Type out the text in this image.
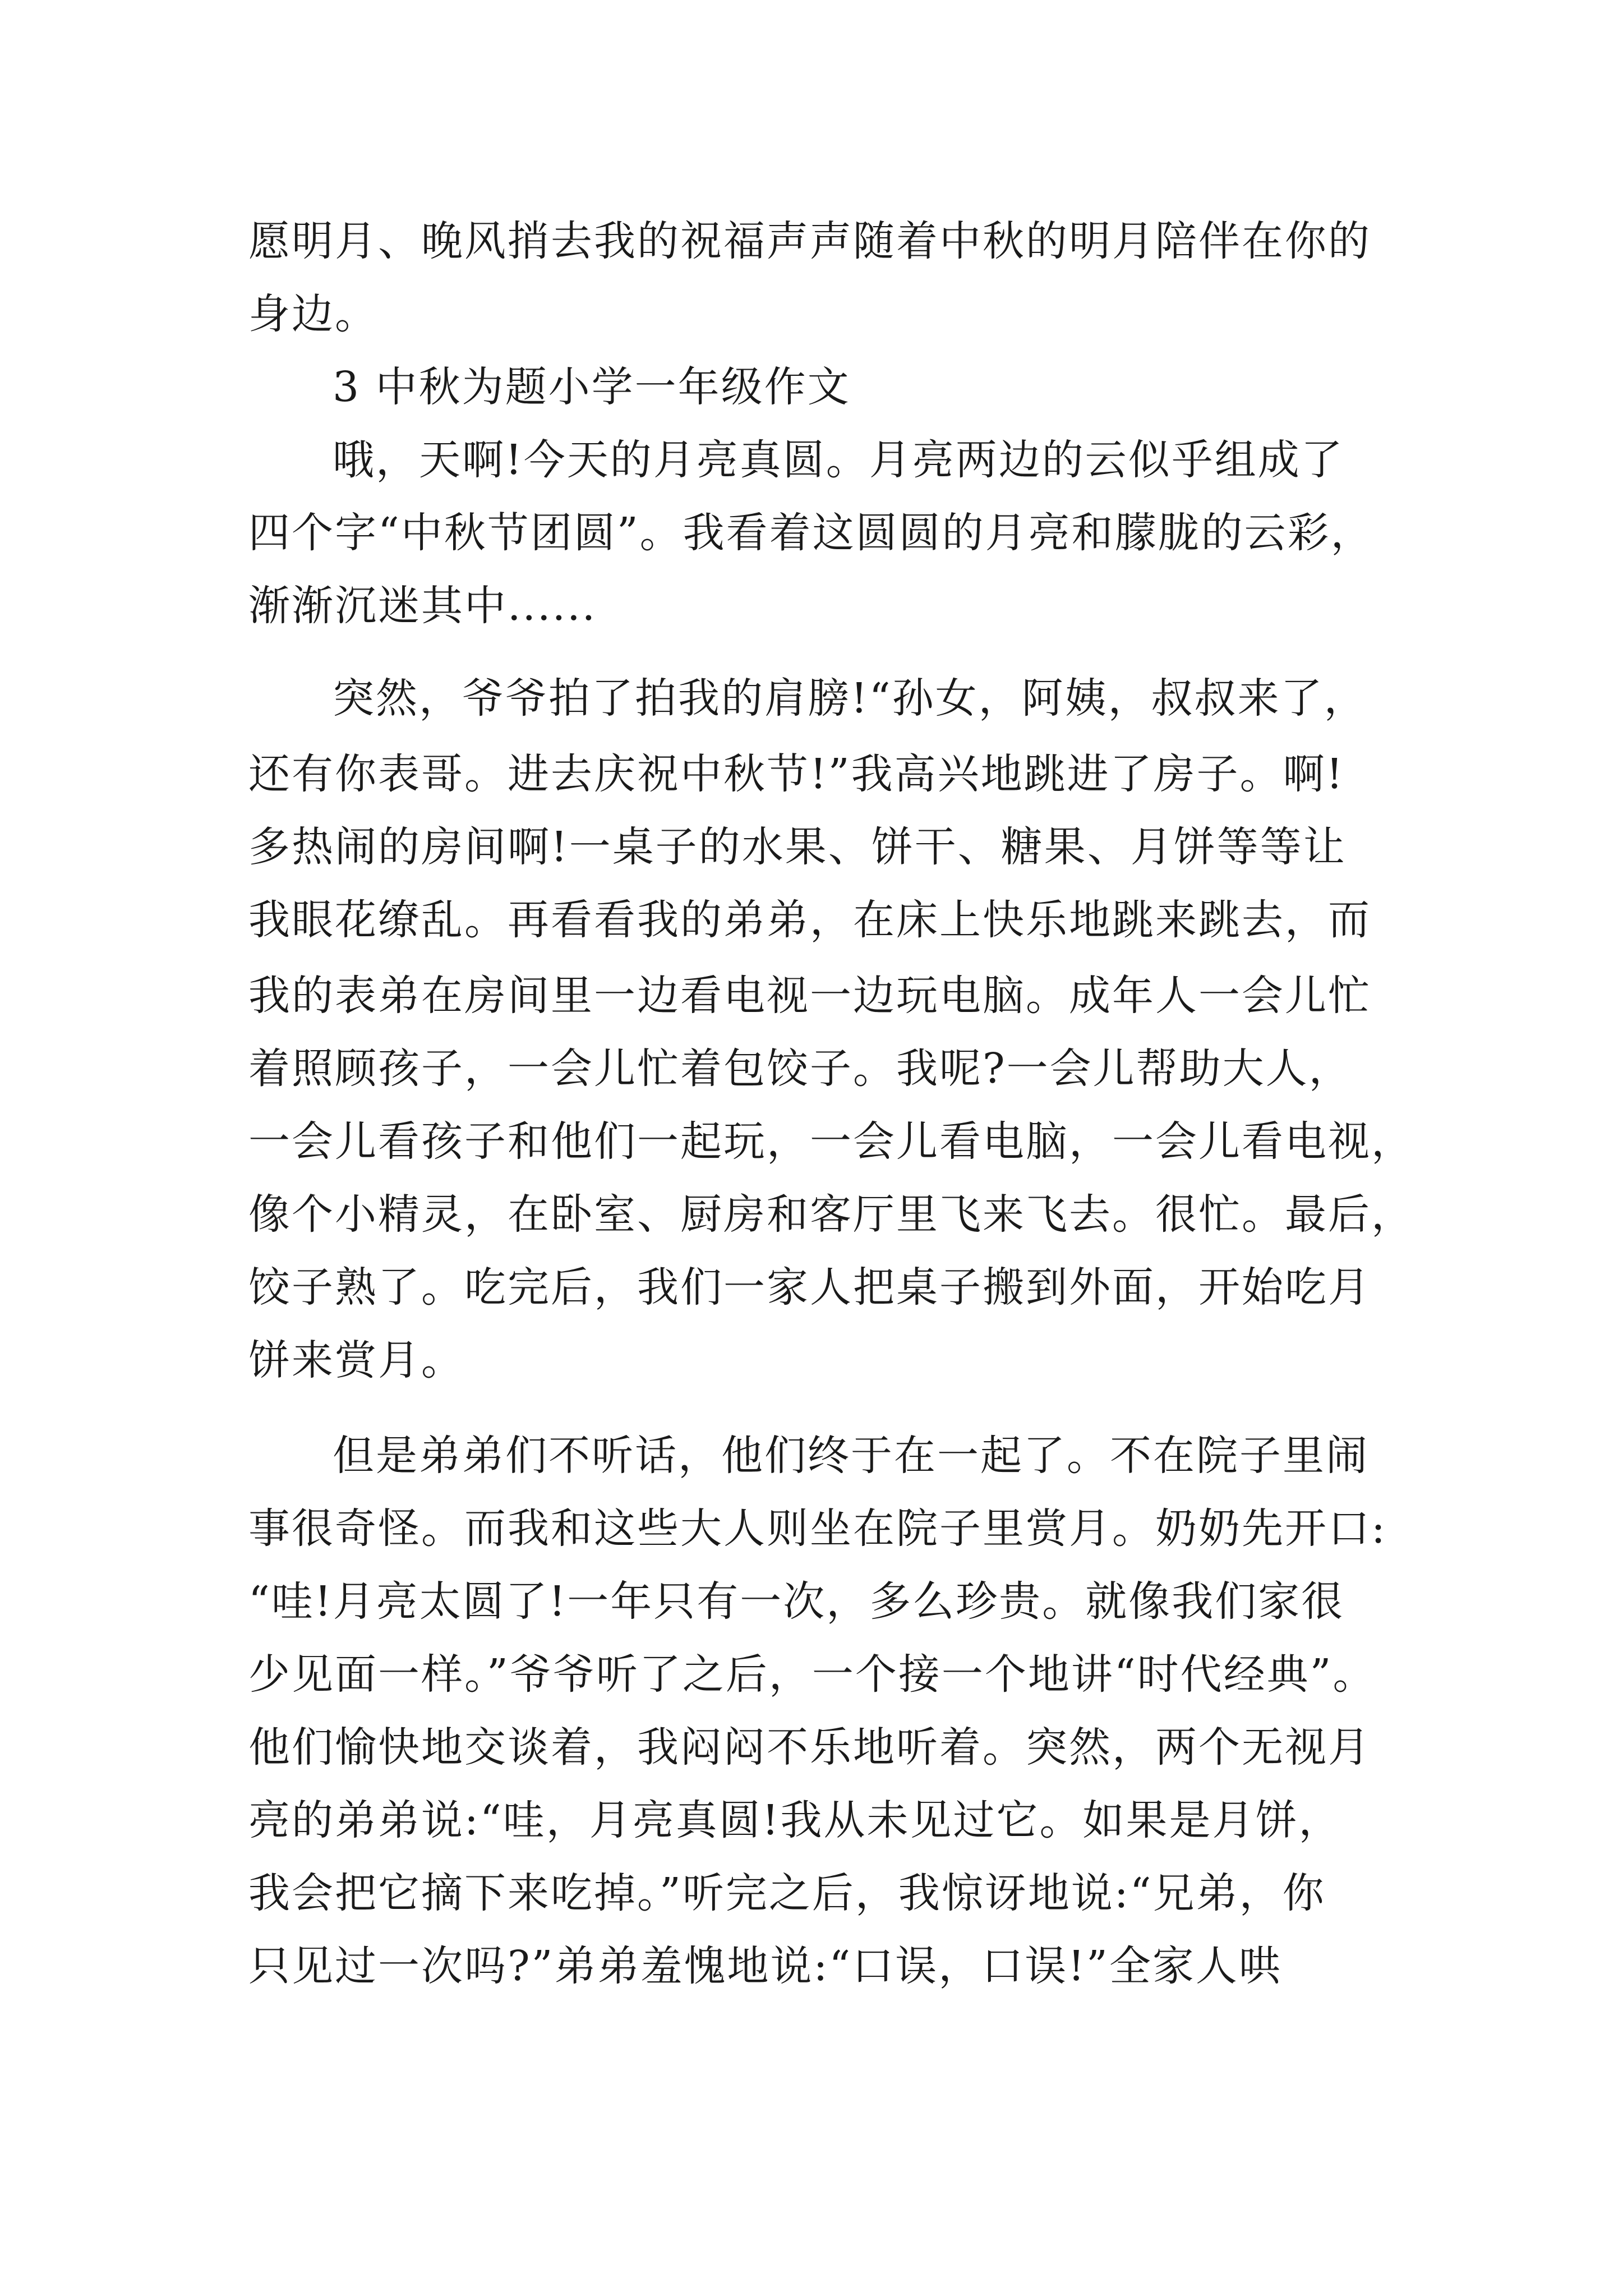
愿明月、晚风捎去我的祝福声声随着中秋的明月陪伴在你的
身边。
3 中秋为题小学一年级作文
哦，天啊!今天的月亮真圆。月亮两边的云似乎组成了
四个字“中秋节团圆”。我看着这圆圆的月亮和朦胧的云彩，
渐渐沉迷其中......
突然，爷爷拍了拍我的肩膀!“孙女，阿姨，叔叔来了，
还有你表哥。进去庆祝中秋节!”我高兴地跳进了房子。啊!
多热闹的房间啊!一桌子的水果、饼干、糖果、月饼等等让
我眼花缭乱。再看看我的弟弟，在床上快乐地跳来跳去，而
我的表弟在房间里一边看电视一边玩电脑。成年人一会儿忙
着照顾孩子，一会儿忙着包饺子。我呢?一会儿帮助大人，
一会儿看孩子和他们一起玩，一会儿看电脑，一会儿看电视，
像个小精灵，在卧室、厨房和客厅里飞来飞去。很忙。最后，
饺子熟了。吃完后，我们一家人把桌子搬到外面，开始吃月
饼来赏月。
但是弟弟们不听话，他们终于在一起了。不在院子里闹
事很奇怪。而我和这些大人则坐在院子里赏月。奶奶先开口:
“哇!月亮太圆了!一年只有一次，多么珍贵。就像我们家很
少见面一样。”爷爷听了之后，一个接一个地讲“时代经典”。
他们愉快地交谈着，我闷闷不乐地听着。突然，两个无视月
亮的弟弟说:“哇，月亮真圆!我从未见过它。如果是月饼，
我会把它摘下来吃掉。”听完之后，我惊讶地说:“兄弟，你
只见过一次吗?”弟弟羞愧地说:“口误，口误!”全家人哄
